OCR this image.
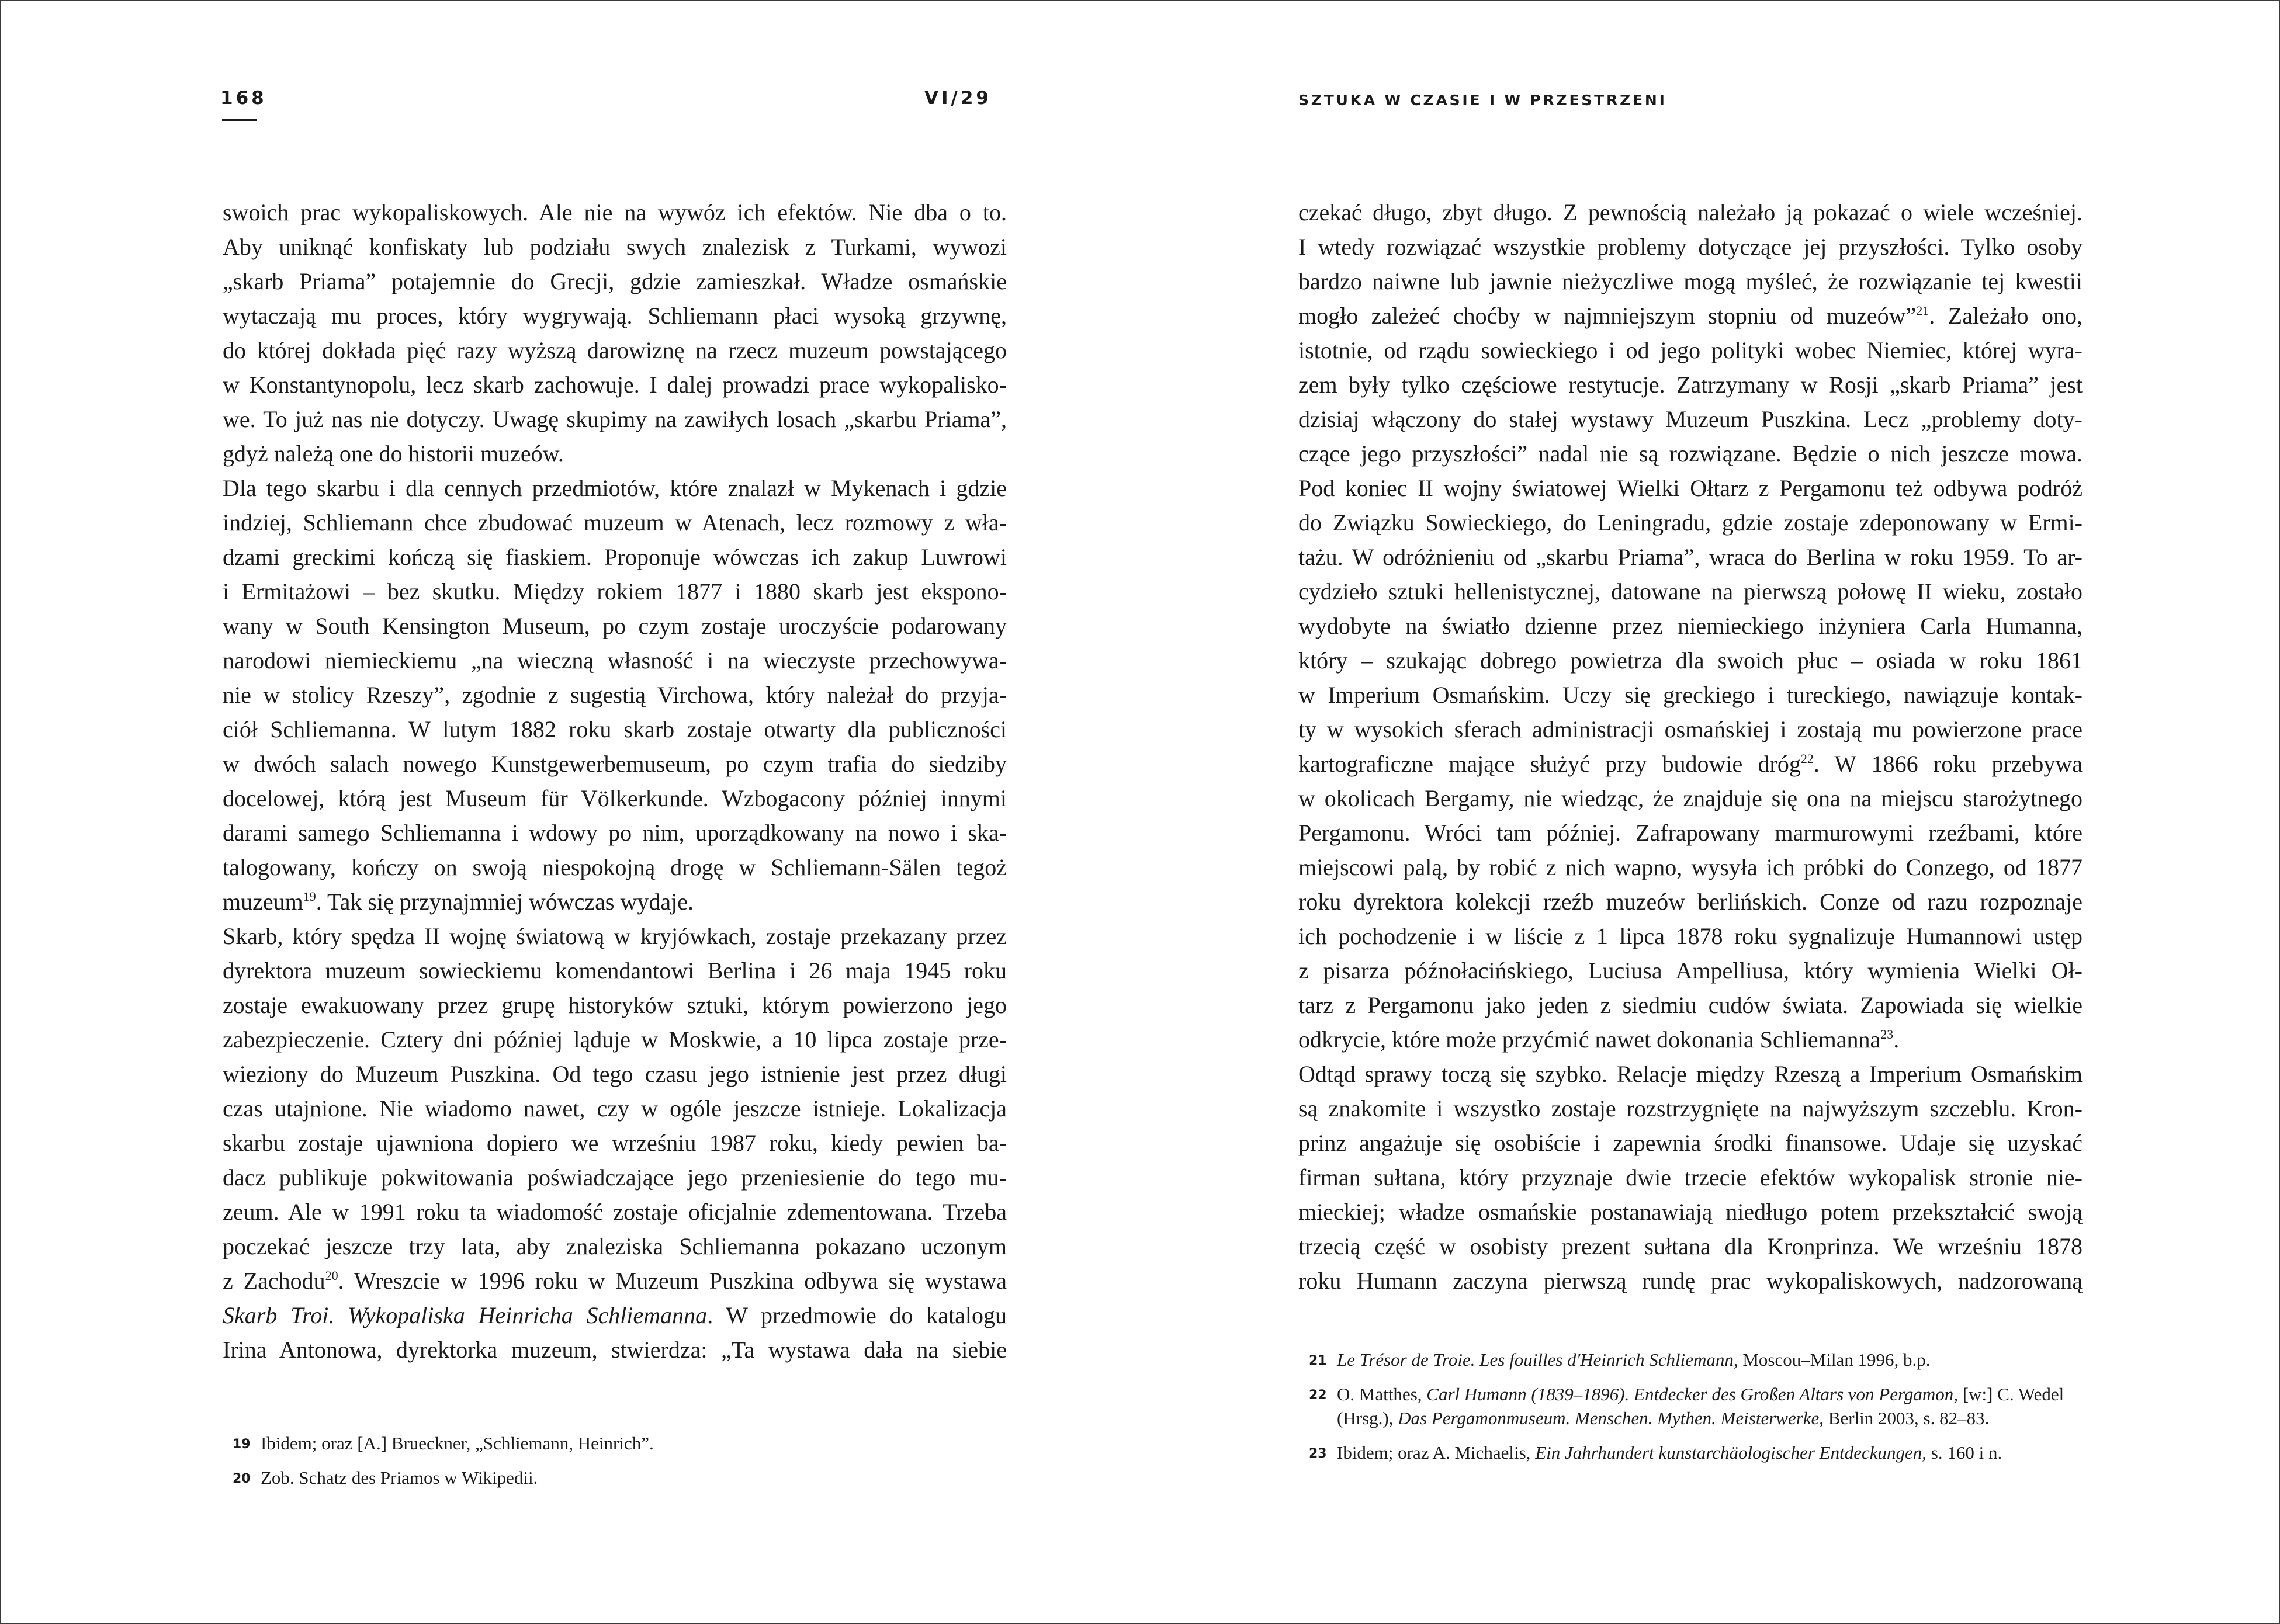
168	VI/29	SZTUKA W CZASIE I W PRZESTRZENI
swoich prac wykopaliskowych. Ale nie na wywóz ich efektów. Nie dba o to.
Aby uniknąć konfiskaty lub podziału swych znalezisk z Turkami, wywozi
„skarb Priama” potajemnie do Grecji, gdzie zamieszkał. Władze osmańskie
wytaczają mu proces, który wygrywają. Schliemann płaci wysoką grzywnę,
do której dokłada pięć razy wyższą darowiznę na rzecz muzeum powstającego
w Konstantynopolu, lecz skarb zachowuje. I dalej prowadzi prace wykopalisko-
we. To już nas nie dotyczy. Uwagę skupimy na zawiłych losach „skarbu Priama”,
gdyż należą one do historii muzeów.
Dla tego skarbu i dla cennych przedmiotów, które znalazł w Mykenach i gdzie
indziej, Schliemann chce zbudować muzeum w Atenach, lecz rozmowy z wła-
dzami greckimi kończą się fiaskiem. Proponuje wówczas ich zakup Luwrowi
i Ermitażowi – bez skutku. Między rokiem 1877 i 1880 skarb jest ekspono-
wany w South Kensington Museum, po czym zostaje uroczyście podarowany
narodowi niemieckiemu „na wieczną własność i na wieczyste przechowywa-
nie w stolicy Rzeszy”, zgodnie z sugestią Virchowa, który należał do przyja-
ciół Schliemanna. W lutym 1882 roku skarb zostaje otwarty dla publiczności
w dwóch salach nowego Kunstgewerbemuseum, po czym trafia do siedziby
docelowej, którą jest Museum für Völkerkunde. Wzbogacony później innymi
darami samego Schliemanna i wdowy po nim, uporządkowany na nowo i ska-
talogowany, kończy on swoją niespokojną drogę w Schliemann-Sälen tegoż
muzeum$^{19}$. Tak się przynajmniej wówczas wydaje.
Skarb, który spędza II wojnę światową w kryjówkach, zostaje przekazany przez
dyrektora muzeum sowieckiemu komendantowi Berlina i 26 maja 1945 roku
zostaje ewakuowany przez grupę historyków sztuki, którym powierzono jego
zabezpieczenie. Cztery dni później ląduje w Moskwie, a 10 lipca zostaje prze-
wieziony do Muzeum Puszkina. Od tego czasu jego istnienie jest przez długi
czas utajnione. Nie wiadomo nawet, czy w ogóle jeszcze istnieje. Lokalizacja
skarbu zostaje ujawniona dopiero we wrześniu 1987 roku, kiedy pewien ba-
dacz publikuje pokwitowania poświadczające jego przeniesienie do tego mu-
zeum. Ale w 1991 roku ta wiadomość zostaje oficjalnie zdementowana. Trzeba
poczekać jeszcze trzy lata, aby znaleziska Schliemanna pokazano uczonym
z Zachodu$^{20}$. Wreszcie w 1996 roku w Muzeum Puszkina odbywa się wystawa
Skarb Troi. Wykopaliska Heinricha Schliemanna. W przedmowie do katalogu
Irina Antonowa, dyrektorka muzeum, stwierdza: „Ta wystawa dała na siebie
czekać długo, zbyt długo. Z pewnością należało ją pokazać o wiele wcześniej.
I wtedy rozwiązać wszystkie problemy dotyczące jej przyszłości. Tylko osoby
bardzo naiwne lub jawnie nieżyczliwe mogą myśleć, że rozwiązanie tej kwestii
mogło zależeć choćby w najmniejszym stopniu od muzeów”$^{21}$. Zależało ono,
istotnie, od rządu sowieckiego i od jego polityki wobec Niemiec, której wyra-
zem były tylko częściowe restytucje. Zatrzymany w Rosji „skarb Priama” jest
dzisiaj włączony do stałej wystawy Muzeum Puszkina. Lecz „problemy doty-
czące jego przyszłości” nadal nie są rozwiązane. Będzie o nich jeszcze mowa.
Pod koniec II wojny światowej Wielki Ołtarz z Pergamonu też odbywa podróż
do Związku Sowieckiego, do Leningradu, gdzie zostaje zdeponowany w Ermi-
tażu. W odróżnieniu od „skarbu Priama”, wraca do Berlina w roku 1959. To ar-
cydzieło sztuki hellenistycznej, datowane na pierwszą połowę II wieku, zostało
wydobyte na światło dzienne przez niemieckiego inżyniera Carla Humanna,
który – szukając dobrego powietrza dla swoich płuc – osiada w roku 1861
w Imperium Osmańskim. Uczy się greckiego i tureckiego, nawiązuje kontak-
ty w wysokich sferach administracji osmańskiej i zostają mu powierzone prace
kartograficzne mające służyć przy budowie dróg$^{22}$. W 1866 roku przebywa
w okolicach Bergamy, nie wiedząc, że znajduje się ona na miejscu starożytnego
Pergamonu. Wróci tam później. Zafrapowany marmurowymi rzeźbami, które
miejscowi palą, by robić z nich wapno, wysyła ich próbki do Conzego, od 1877
roku dyrektora kolekcji rzeźb muzeów berlińskich. Conze od razu rozpoznaje
ich pochodzenie i w liście z 1 lipca 1878 roku sygnalizuje Humannowi ustęp
z pisarza późnołacińskiego, Luciusa Ampelliusa, który wymienia Wielki Oł-
tarz z Pergamonu jako jeden z siedmiu cudów świata. Zapowiada się wielkie
odkrycie, które może przyćmić nawet dokonania Schliemanna$^{23}$.
Odtąd sprawy toczą się szybko. Relacje między Rzeszą a Imperium Osmańskim
są znakomite i wszystko zostaje rozstrzygnięte na najwyższym szczeblu. Kron-
prinz angażuje się osobiście i zapewnia środki finansowe. Udaje się uzyskać
firman sułtana, który przyznaje dwie trzecie efektów wykopalisk stronie nie-
mieckiej; władze osmańskie postanawiają niedługo potem przekształcić swoją
trzecią część w osobisty prezent sułtana dla Kronprinza. We wrześniu 1878
roku Humann zaczyna pierwszą rundę prac wykopaliskowych, nadzorowaną
19 Ibidem; oraz [A.] Brueckner, „Schliemann, Heinrich”.
20 Zob. Schatz des Priamos w Wikipedii.
21 Le Trésor de Troie. Les fouilles d'Heinrich Schliemann, Moscou–Milan 1996, b.p.
22 O. Matthes, Carl Humann (1839–1896). Entdecker des Großen Altars von Pergamon, [w:] C. Wedel (Hrsg.), Das Pergamonmuseum. Menschen. Mythen. Meisterwerke, Berlin 2003, s. 82–83.
23 Ibidem; oraz A. Michaelis, Ein Jahrhundert kunstarchäologischer Entdeckungen, s. 160 i n.
